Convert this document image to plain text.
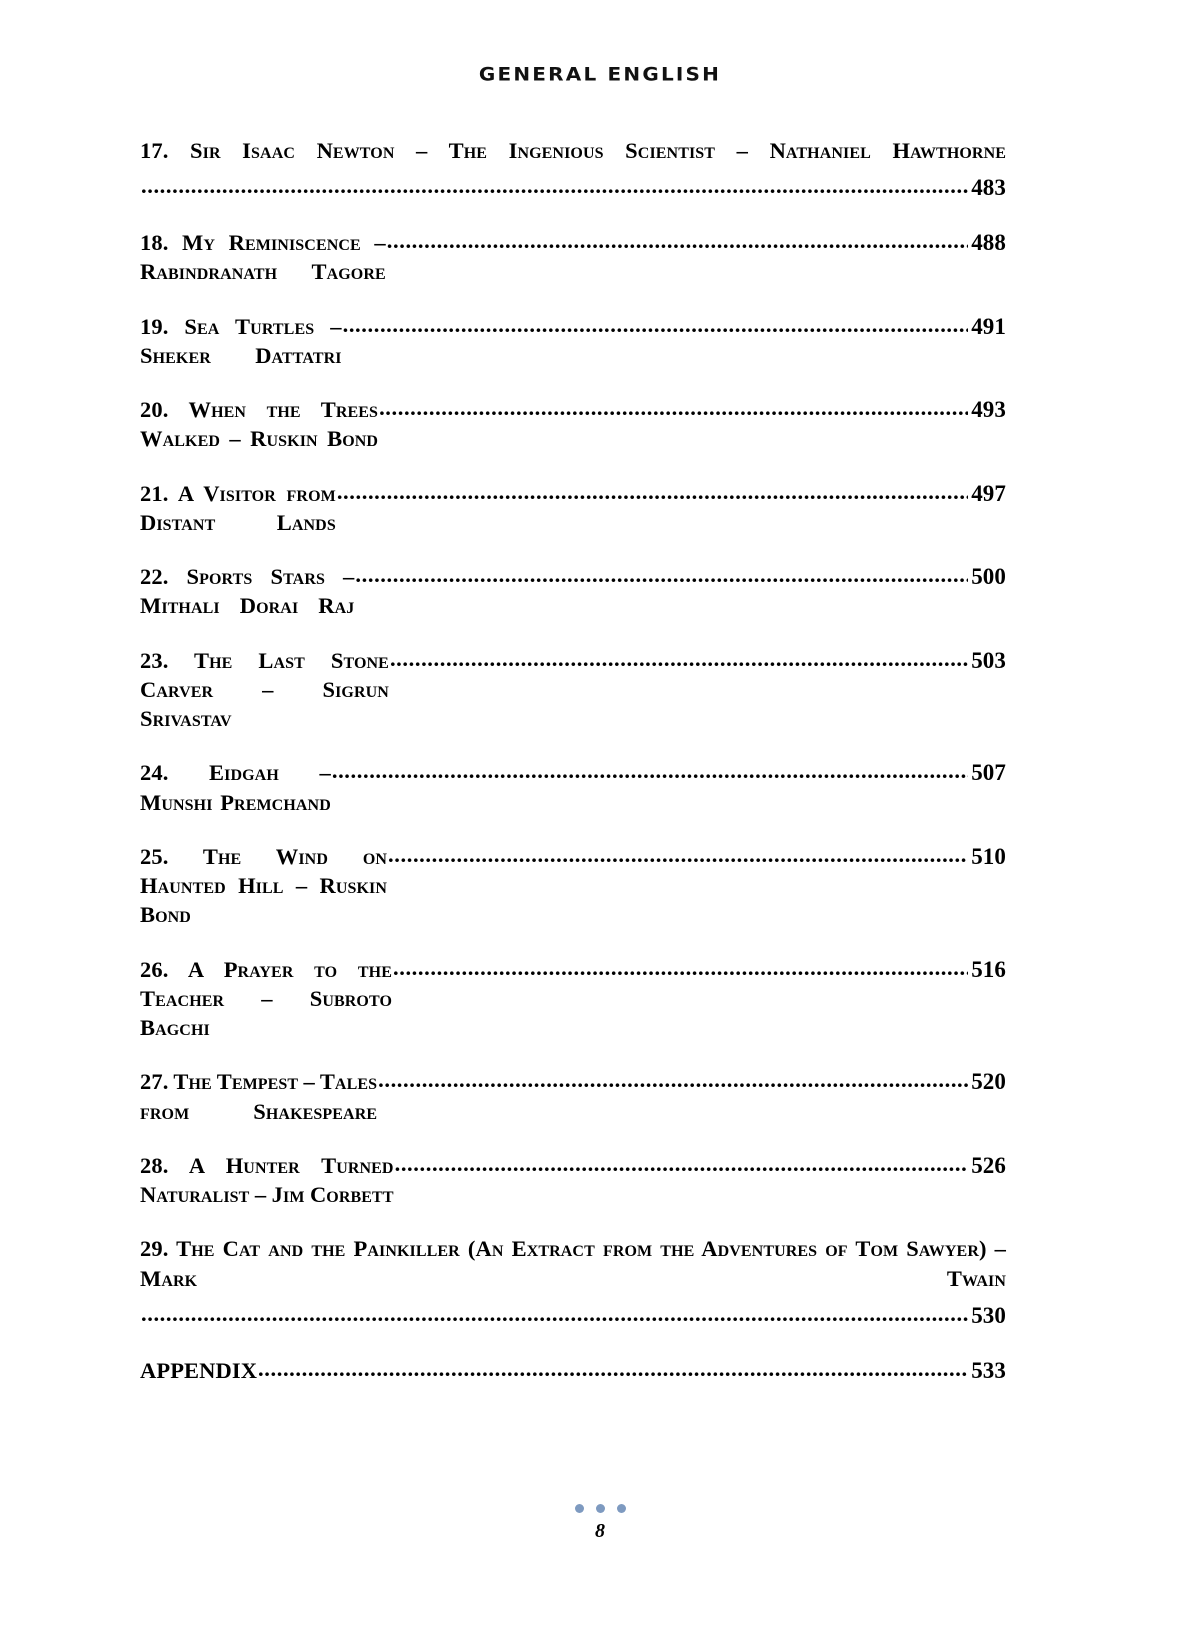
GENERAL ENGLISH
17. Sir Isaac Newton – The Ingenious Scientist – Nathaniel Hawthorne
.....
483
18. My Reminiscence – Rabindranath Tagore
.....
488
19. Sea Turtles – Sheker Dattatri
.....
491
20. When the Trees Walked – Ruskin Bond
.....
493
21. A Visitor from Distant Lands
.....
497
22. Sports Stars – Mithali Dorai Raj
.....
500
23. The Last Stone Carver – Sigrun Srivastav
.....
503
24. Eidgah – Munshi Premchand
.....
507
25. The Wind on Haunted Hill – Ruskin Bond
.....
510
26. A Prayer to the Teacher – Subroto Bagchi
.....
516
27. The Tempest – Tales from Shakespeare
.....
520
28. A Hunter Turned Naturalist – Jim Corbett
.....
526
29. The Cat and the Painkiller (An Extract from the Adventures of Tom Sawyer) – Mark Twain
.....
530
APPENDIX .....	533
8
